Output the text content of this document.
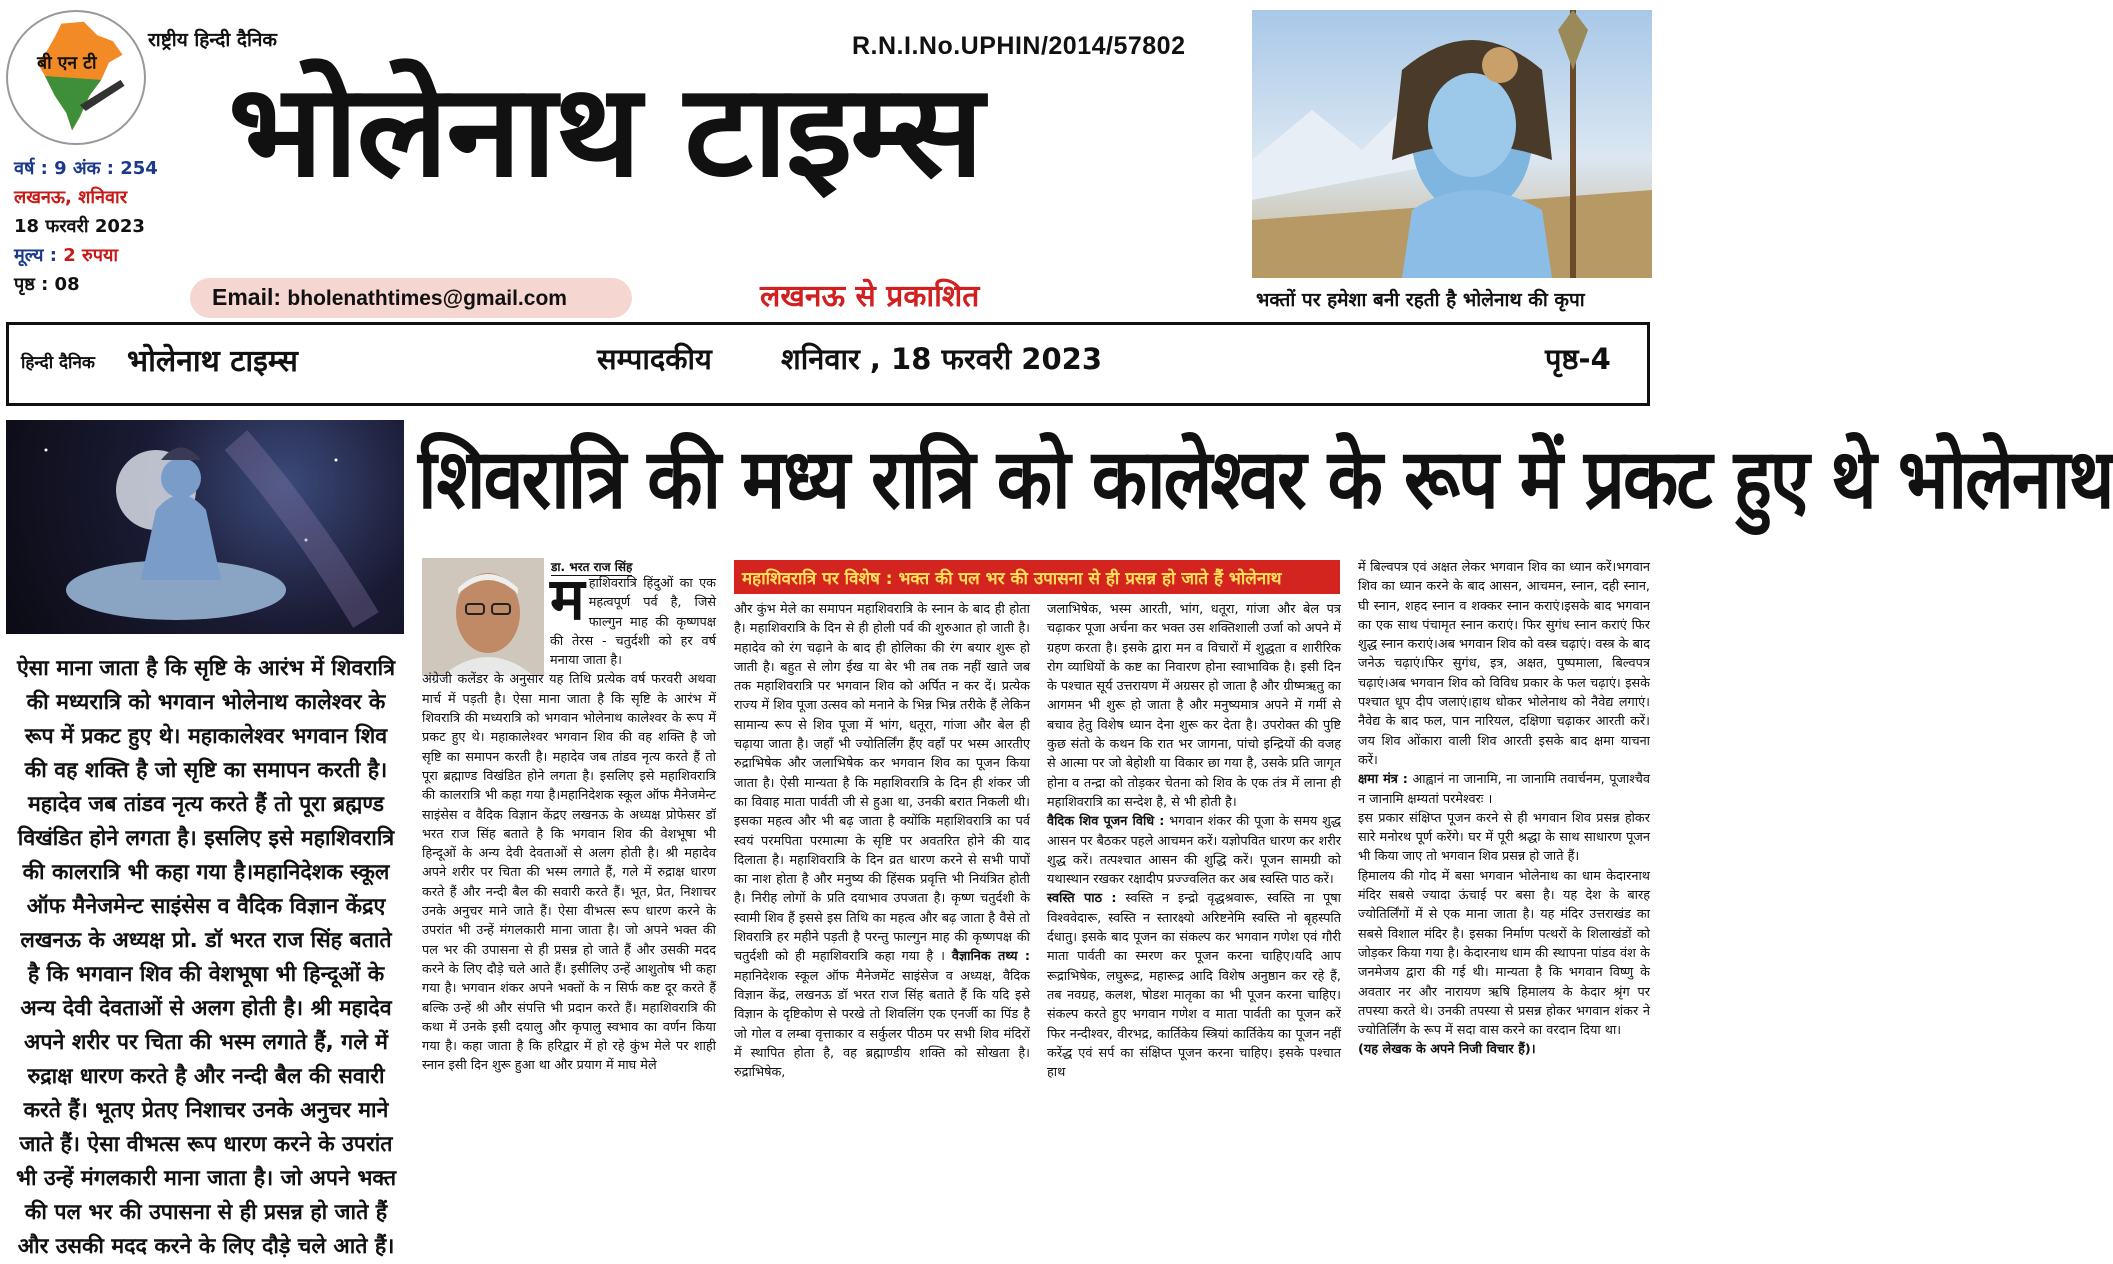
बी एन टी
राष्ट्रीय हिन्दी दैनिक
वर्ष : 9 अंक : 254
लखनऊ, शनिवार
18 फरवरी 2023
मूल्य : 2 रुपया
पृष्ठ : 08
R.N.I.No.UPHIN/2014/57802
भोलेनाथ टाइम्स
Email: bholenathtimes@gmail.com	लखनऊ से प्रकाशित	भक्तों पर हमेशा बनी रहती है भोलेनाथ की कृपा
हिन्दी दैनिक भोलेनाथ टाइम्स	सम्पादकीय शनिवार , 18 फरवरी 2023	पृष्ठ-4
ऐसा माना जाता है कि सृष्टि के आरंभ में शिवरात्रि की मध्यरात्रि को भगवान भोलेनाथ कालेश्वर के रूप में प्रकट हुए थे। महाकालेश्वर भगवान शिव की वह शक्ति है जो सृष्टि का समापन करती है। महादेव जब तांडव नृत्य करते हैं तो पूरा ब्रह्मण्ड विखंडित होने लगता है। इसलिए इसे महाशिवरात्रि की कालरात्रि भी कहा गया है।महानिदेशक स्कूल ऑफ मैनेजमेन्ट साइंसेस व वैदिक विज्ञान केंद्रए लखनऊ के अध्यक्ष प्रो. डॉ भरत राज सिंह बताते है कि भगवान शिव की वेशभूषा भी हिन्दूओं के अन्य देवी देवताओं से अलग होती है। श्री महादेव अपने शरीर पर चिता की भस्म लगाते हैं, गले में रुद्राक्ष धारण करते है और नन्दी बैल की सवारी करते हैं। भूतए प्रेतए निशाचर उनके अनुचर माने जाते हैं। ऐसा वीभत्स रूप धारण करने के उपरांत भी उन्हें मंगलकारी माना जाता है। जो अपने भक्त की पल भर की उपासना से ही प्रसन्न हो जाते हैं और उसकी मदद करने के लिए दौड़े चले आते हैं।
शिवरात्रि की मध्य रात्रि को कालेश्वर के रूप में प्रकट हुए थे भोलेनाथ
डा. भरत राज सिंह
महाशिवरात्रि हिंदुओं का एक महत्वपूर्ण पर्व है, जिसे फाल्गुन माह की कृष्णपक्ष की तेरस - चतुर्दशी को हर वर्ष मनाया जाता है।
अंग्रेजी कलेंडर के अनुसार यह तिथि प्रत्येक वर्ष फरवरी अथवा मार्च में पड़ती है। ऐसा माना जाता है कि सृष्टि के आरंभ में शिवरात्रि की मध्यरात्रि को भगवान भोलेनाथ कालेश्वर के रूप में प्रकट हुए थे। महाकालेश्वर भगवान शिव की वह शक्ति है जो सृष्टि का समापन करती है। महादेव जब तांडव नृत्य करते हैं तो पूरा ब्रह्माण्ड विखंडित होने लगता है। इसलिए इसे महाशिवरात्रि की कालरात्रि भी कहा गया है।महानिदेशक स्कूल ऑफ मैनेजमेन्ट साइंसेस व वैदिक विज्ञान केंद्रए लखनऊ के अध्यक्ष प्रोफेसर डॉ भरत राज सिंह बताते है कि भगवान शिव की वेशभूषा भी हिन्दूओं के अन्य देवी देवताओं से अलग होती है। श्री महादेव अपने शरीर पर चिता की भस्म लगाते हैं, गले में रुद्राक्ष धारण करते हैं और नन्दी बैल की सवारी करते हैं। भूत, प्रेत, निशाचर उनके अनुचर माने जाते हैं। ऐसा वीभत्स रूप धारण करने के उपरांत भी उन्हें मंगलकारी माना जाता है। जो अपने भक्त की पल भर की उपासना से ही प्रसन्न हो जाते हैं और उसकी मदद करने के लिए दौड़े चले आते हैं। इसीलिए उन्हें आशुतोष भी कहा गया है। भगवान शंकर अपने भक्तों के न सिर्फ कष्ट दूर करते हैं बल्कि उन्हें श्री और संपत्ति भी प्रदान करते हैं। महाशिवरात्रि की कथा में उनके इसी दयालु और कृपालु स्वभाव का वर्णन किया गया है। कहा जाता है कि हरिद्वार में हो रहे कुंभ मेले पर शाही स्नान इसी दिन शुरू हुआ था और प्रयाग में माघ मेले
महाशिवरात्रि पर विशेष : भक्त की पल भर की उपासना से ही प्रसन्न हो जाते हैं भोलेनाथ
और कुंभ मेले का समापन महाशिवरात्रि के स्नान के बाद ही होता है। महाशिवरात्रि के दिन से ही होली पर्व की शुरुआत हो जाती है। महादेव को रंग चढ़ाने के बाद ही होलिका की रंग बयार शुरू हो जाती है। बहुत से लोग ईख या बेर भी तब तक नहीं खाते जब तक महाशिवरात्रि पर भगवान शिव को अर्पित न कर दें। प्रत्येक राज्य में शिव पूजा उत्सव को मनाने के भिन्न भिन्न तरीके हैं लेकिन सामान्य रूप से शिव पूजा में भांग, धतूरा, गांजा और बेल ही चढ़ाया जाता है। जहाँ भी ज्योतिर्लिंग हैंए वहाँ पर भस्म आरतीए रुद्राभिषेक और जलाभिषेक कर भगवान शिव का पूजन किया जाता है। ऐसी मान्यता है कि महाशिवरात्रि के दिन ही शंकर जी का विवाह माता पार्वती जी से हुआ था, उनकी बरात निकली थी। इसका महत्व और भी बढ़ जाता है क्योंकि महाशिवरात्रि का पर्व स्वयं परमपिता परमात्मा के सृष्टि पर अवतरित होने की याद दिलाता है। महाशिवरात्रि के दिन व्रत धारण करने से सभी पापों का नाश होता है और मनुष्य की हिंसक प्रवृत्ति भी नियंत्रित होती है। निरीह लोगों के प्रति दयाभाव उपजता है। कृष्ण चतुर्दशी के स्वामी शिव हैं इससे इस तिथि का महत्व और बढ़ जाता है वैसे तो शिवरात्रि हर महीने पड़ती है परन्तु फाल्गुन माह की कृष्णपक्ष की चतुर्दशी को ही महाशिवरात्रि कहा गया है । वैज्ञानिक तथ्य : महानिदेशक स्कूल ऑफ मैनेजमेंट साइंसेज व अध्यक्ष, वैदिक विज्ञान केंद्र, लखनऊ डॉ भरत राज सिंह बताते हैं कि यदि इसे विज्ञान के दृष्टिकोण से परखे तो शिवलिंग एक एनर्जी का पिंड है जो गोल व लम्बा वृत्ताकार व सर्कुलर पीठम पर सभी शिव मंदिरों में स्थापित होता है, वह ब्रह्माण्डीय शक्ति को सोखता है। रुद्राभिषेक,
जलाभिषेक, भस्म आरती, भांग, धतूरा, गांजा और बेल पत्र चढ़ाकर पूजा अर्चना कर भक्त उस शक्तिशाली उर्जा को अपने में ग्रहण करता है। इसके द्वारा मन व विचारों में शुद्धता व शारीरिक रोग व्याधियों के कष्ट का निवारण होना स्वाभाविक है। इसी दिन के पश्चात सूर्य उत्तरायण में अग्रसर हो जाता है और ग्रीष्मऋतु का आगमन भी शुरू हो जाता है और मनुष्यमात्र अपने में गर्मी से बचाव हेतु विशेष ध्यान देना शुरू कर देता है। उपरोक्त की पुष्टि कुछ संतो के कथन कि रात भर जागना, पांचो इन्द्रियों की वजह से आत्मा पर जो बेहोशी या विकार छा गया है, उसके प्रति जागृत होना व तन्द्रा को तोड़कर चेतना को शिव के एक तंत्र में लाना ही महाशिवरात्रि का सन्देश है, से भी होती है।
वैदिक शिव पूजन विधि : भगवान शंकर की पूजा के समय शुद्ध आसन पर बैठकर पहले आचमन करें। यज्ञोपवित धारण कर शरीर शुद्ध करें। तत्पश्चात आसन की शुद्धि करें। पूजन सामग्री को यथास्थान रखकर रक्षादीप प्रज्ज्वलित कर अब स्वस्ति पाठ करें।
स्वस्ति पाठ : स्वस्ति न इन्द्रो वृद्धश्रवारू, स्वस्ति ना पूषा विश्ववेदारू, स्वस्ति न स्तारक्ष्यो अरिष्टनेमि स्वस्ति नो बृहस्पति र्दधातु। इसके बाद पूजन का संकल्प कर भगवान गणेश एवं गौरी माता पार्वती का स्मरण कर पूजन करना चाहिए।यदि आप रूद्राभिषेक, लघुरूद्र, महारूद्र आदि विशेष अनुष्ठान कर रहे हैं, तब नवग्रह, कलश, षोडश मातृका का भी पूजन करना चाहिए। संकल्प करते हुए भगवान गणेश व माता पार्वती का पूजन करें फिर नन्दीश्वर, वीरभद्र, कार्तिकेय स्त्रियां कार्तिकेय का पूजन नहीं करेंद्ध एवं सर्प का संक्षिप्त पूजन करना चाहिए। इसके पश्चात हाथ
में बिल्वपत्र एवं अक्षत लेकर भगवान शिव का ध्यान करें।भगवान शिव का ध्यान करने के बाद आसन, आचमन, स्नान, दही स्नान, घी स्नान, शहद स्नान व शक्कर स्नान कराएं।इसके बाद भगवान का एक साथ पंचामृत स्नान कराएं। फिर सुगंध स्नान कराएं फिर शुद्ध स्नान कराएं।अब भगवान शिव को वस्त्र चढ़ाएं। वस्त्र के बाद जनेऊ चढ़ाएं।फिर सुगंध, इत्र, अक्षत, पुष्पमाला, बिल्वपत्र चढ़ाएं।अब भगवान शिव को विविध प्रकार के फल चढ़ाएं। इसके पश्चात धूप दीप जलाएं।हाथ धोकर भोलेनाथ को नैवेद्य लगाएं।नैवेद्य के बाद फल, पान नारियल, दक्षिणा चढ़ाकर आरती करें।जय शिव ओंकारा वाली शिव आरती इसके बाद क्षमा याचना करें।
क्षमा मंत्र : आह्वानं ना जानामि, ना जानामि तवार्चनम, पूजाश्चैव न जानामि क्षम्यतां परमेश्वरः ।
इस प्रकार संक्षिप्त पूजन करने से ही भगवान शिव प्रसन्न होकर सारे मनोरथ पूर्ण करेंगे। घर में पूरी श्रद्धा के साथ साधारण पूजन भी किया जाए तो भगवान शिव प्रसन्न हो जाते हैं।
हिमालय की गोद में बसा भगवान भोलेनाथ का धाम केदारनाथ मंदिर सबसे ज्यादा ऊंचाई पर बसा है। यह देश के बारह ज्योतिर्लिंगों में से एक माना जाता है। यह मंदिर उत्तराखंड का सबसे विशाल मंदिर है। इसका निर्माण पत्थरों के शिलाखंडों को जोड़कर किया गया है। केदारनाथ धाम की स्थापना पांडव वंश के जनमेजय द्वारा की गई थी। मान्यता है कि भगवान विष्णु के अवतार नर और नारायण ऋषि हिमालय के केदार श्रृंग पर तपस्या करते थे। उनकी तपस्या से प्रसन्न होकर भगवान शंकर ने ज्योतिर्लिंग के रूप में सदा वास करने का वरदान दिया था।
(यह लेखक के अपने निजी विचार हैं)।
